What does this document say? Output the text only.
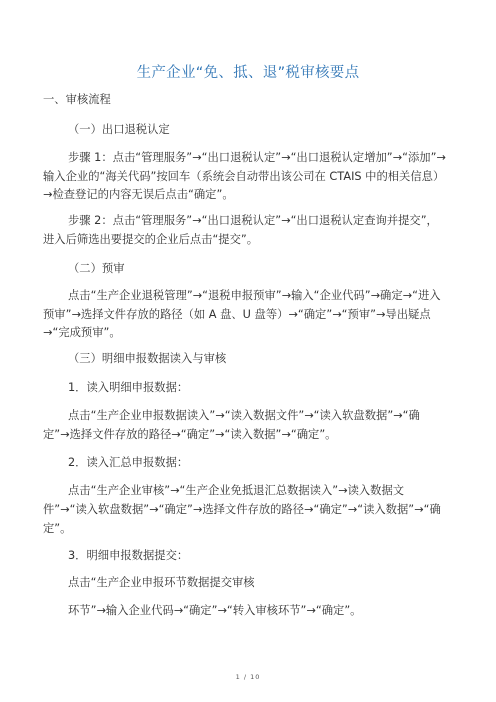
生产企业“免、抵、退”税审核要点

一、审核流程

（一）出口退税认定

步骤 1：点击“管理服务”→“出口退税认定”→“出口退税认定增加”→“添加”→

输入企业的“海关代码”按回车（系统会自动带出该公司在 CTAIS 中的相关信息）

→检查登记的内容无误后点击“确定”。

步骤 2：点击“管理服务”→“出口退税认定”→“出口退税认定查询并提交”，

进入后筛选出要提交的企业后点击“提交”。

（二）预审

点击“生产企业退税管理”→“退税申报预审”→输入“企业代码”→确定→“进入

预审”→选择文件存放的路径（如 A 盘、U 盘等）→“确定”→“预审”→导出疑点

→“完成预审”。

（三）明细申报数据读入与审核

1．读入明细申报数据：

点击“生产企业申报数据读入”→“读入数据文件”→“读入软盘数据”→“确

定”→选择文件存放的路径→“确定”→“读入数据”→“确定”。

2．读入汇总申报数据：

点击“生产企业审核”→“生产企业免抵退汇总数据读入”→读入数据文

件”→“读入软盘数据”→“确定”→选择文件存放的路径→“确定”→“读入数据”→“确

定”。

3．明细申报数据提交：

点击“生产企业申报环节数据提交审核

环节”→输入企业代码→“确定”→“转入审核环节”→“确定”。

1 / 10
